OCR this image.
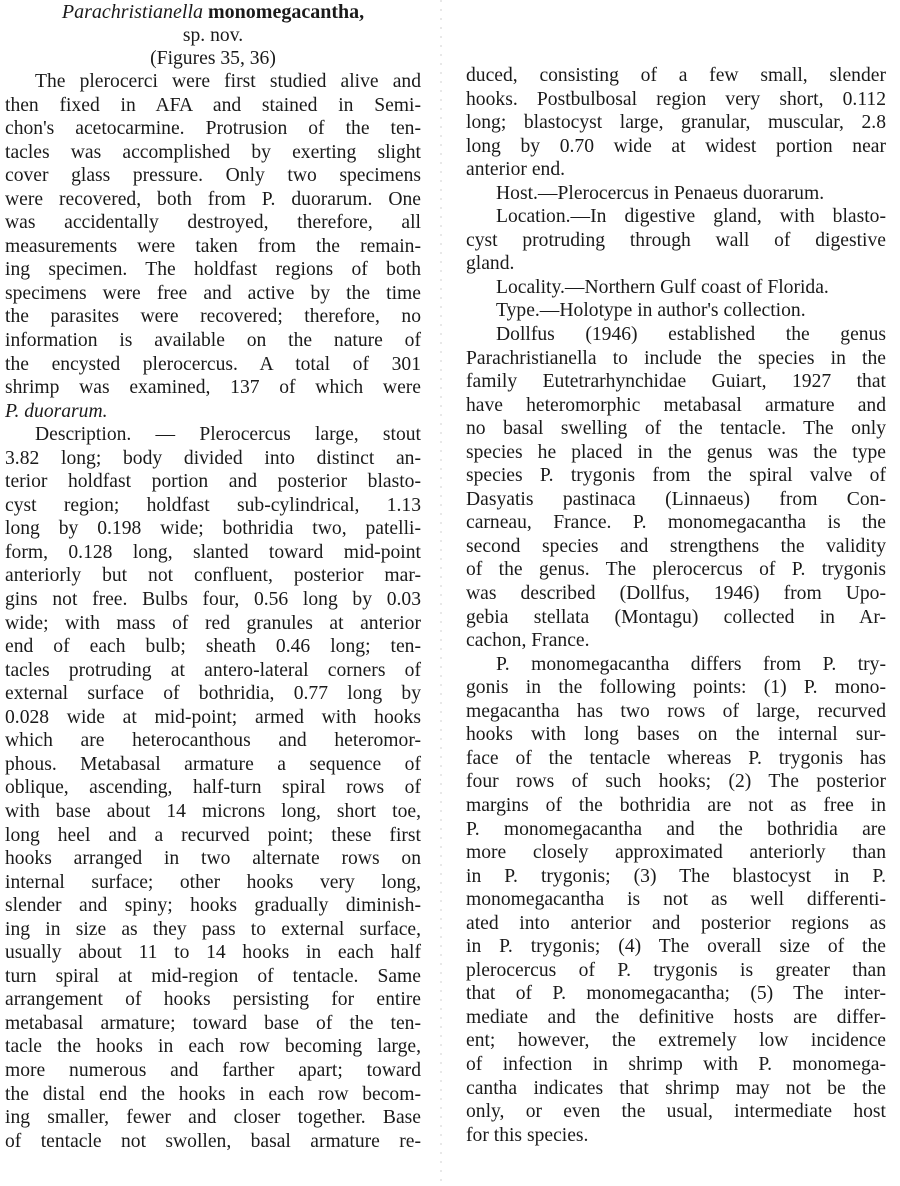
Parachristianella monomegacantha,
sp. nov.
(Figures 35, 36)
The plerocerci were first studied alive and
then fixed in AFA and stained in Semi-
chon's acetocarmine. Protrusion of the ten-
tacles was accomplished by exerting slight
cover glass pressure. Only two specimens
were recovered, both from P. duorarum. One
was accidentally destroyed, therefore, all
measurements were taken from the remain-
ing specimen. The holdfast regions of both
specimens were free and active by the time
the parasites were recovered; therefore, no
information is available on the nature of
the encysted plerocercus. A total of 301
shrimp was examined, 137 of which were
P. duorarum.
Description. — Plerocercus large, stout
3.82 long; body divided into distinct an-
terior holdfast portion and posterior blasto-
cyst region; holdfast sub-cylindrical, 1.13
long by 0.198 wide; bothridia two, patelli-
form, 0.128 long, slanted toward mid-point
anteriorly but not confluent, posterior mar-
gins not free. Bulbs four, 0.56 long by 0.03
wide; with mass of red granules at anterior
end of each bulb; sheath 0.46 long; ten-
tacles protruding at antero-lateral corners of
external surface of bothridia, 0.77 long by
0.028 wide at mid-point; armed with hooks
which are heterocanthous and heteromor-
phous. Metabasal armature a sequence of
oblique, ascending, half-turn spiral rows of
with base about 14 microns long, short toe,
long heel and a recurved point; these first
hooks arranged in two alternate rows on
internal surface; other hooks very long,
slender and spiny; hooks gradually diminish-
ing in size as they pass to external surface,
usually about 11 to 14 hooks in each half
turn spiral at mid-region of tentacle. Same
arrangement of hooks persisting for entire
metabasal armature; toward base of the ten-
tacle the hooks in each row becoming large,
more numerous and farther apart; toward
the distal end the hooks in each row becom-
ing smaller, fewer and closer together. Base
of tentacle not swollen, basal armature re-
duced, consisting of a few small, slender
hooks. Postbulbosal region very short, 0.112
long; blastocyst large, granular, muscular, 2.8
long by 0.70 wide at widest portion near
anterior end.
Host.—Plerocercus in Penaeus duorarum.
Location.—In digestive gland, with blasto-
cyst protruding through wall of digestive
gland.
Locality.—Northern Gulf coast of Florida.
Type.—Holotype in author's collection.
Dollfus (1946) established the genus
Parachristianella to include the species in the
family Eutetrarhynchidae Guiart, 1927 that
have heteromorphic metabasal armature and
no basal swelling of the tentacle. The only
species he placed in the genus was the type
species P. trygonis from the spiral valve of
Dasyatis pastinaca (Linnaeus) from Con-
carneau, France. P. monomegacantha is the
second species and strengthens the validity
of the genus. The plerocercus of P. trygonis
was described (Dollfus, 1946) from Upo-
gebia stellata (Montagu) collected in Ar-
cachon, France.
P. monomegacantha differs from P. try-
gonis in the following points: (1) P. mono-
megacantha has two rows of large, recurved
hooks with long bases on the internal sur-
face of the tentacle whereas P. trygonis has
four rows of such hooks; (2) The posterior
margins of the bothridia are not as free in
P. monomegacantha and the bothridia are
more closely approximated anteriorly than
in P. trygonis; (3) The blastocyst in P.
monomegacantha is not as well differenti-
ated into anterior and posterior regions as
in P. trygonis; (4) The overall size of the
plerocercus of P. trygonis is greater than
that of P. monomegacantha; (5) The inter-
mediate and the definitive hosts are differ-
ent; however, the extremely low incidence
of infection in shrimp with P. monomega-
cantha indicates that shrimp may not be the
only, or even the usual, intermediate host
for this species.
